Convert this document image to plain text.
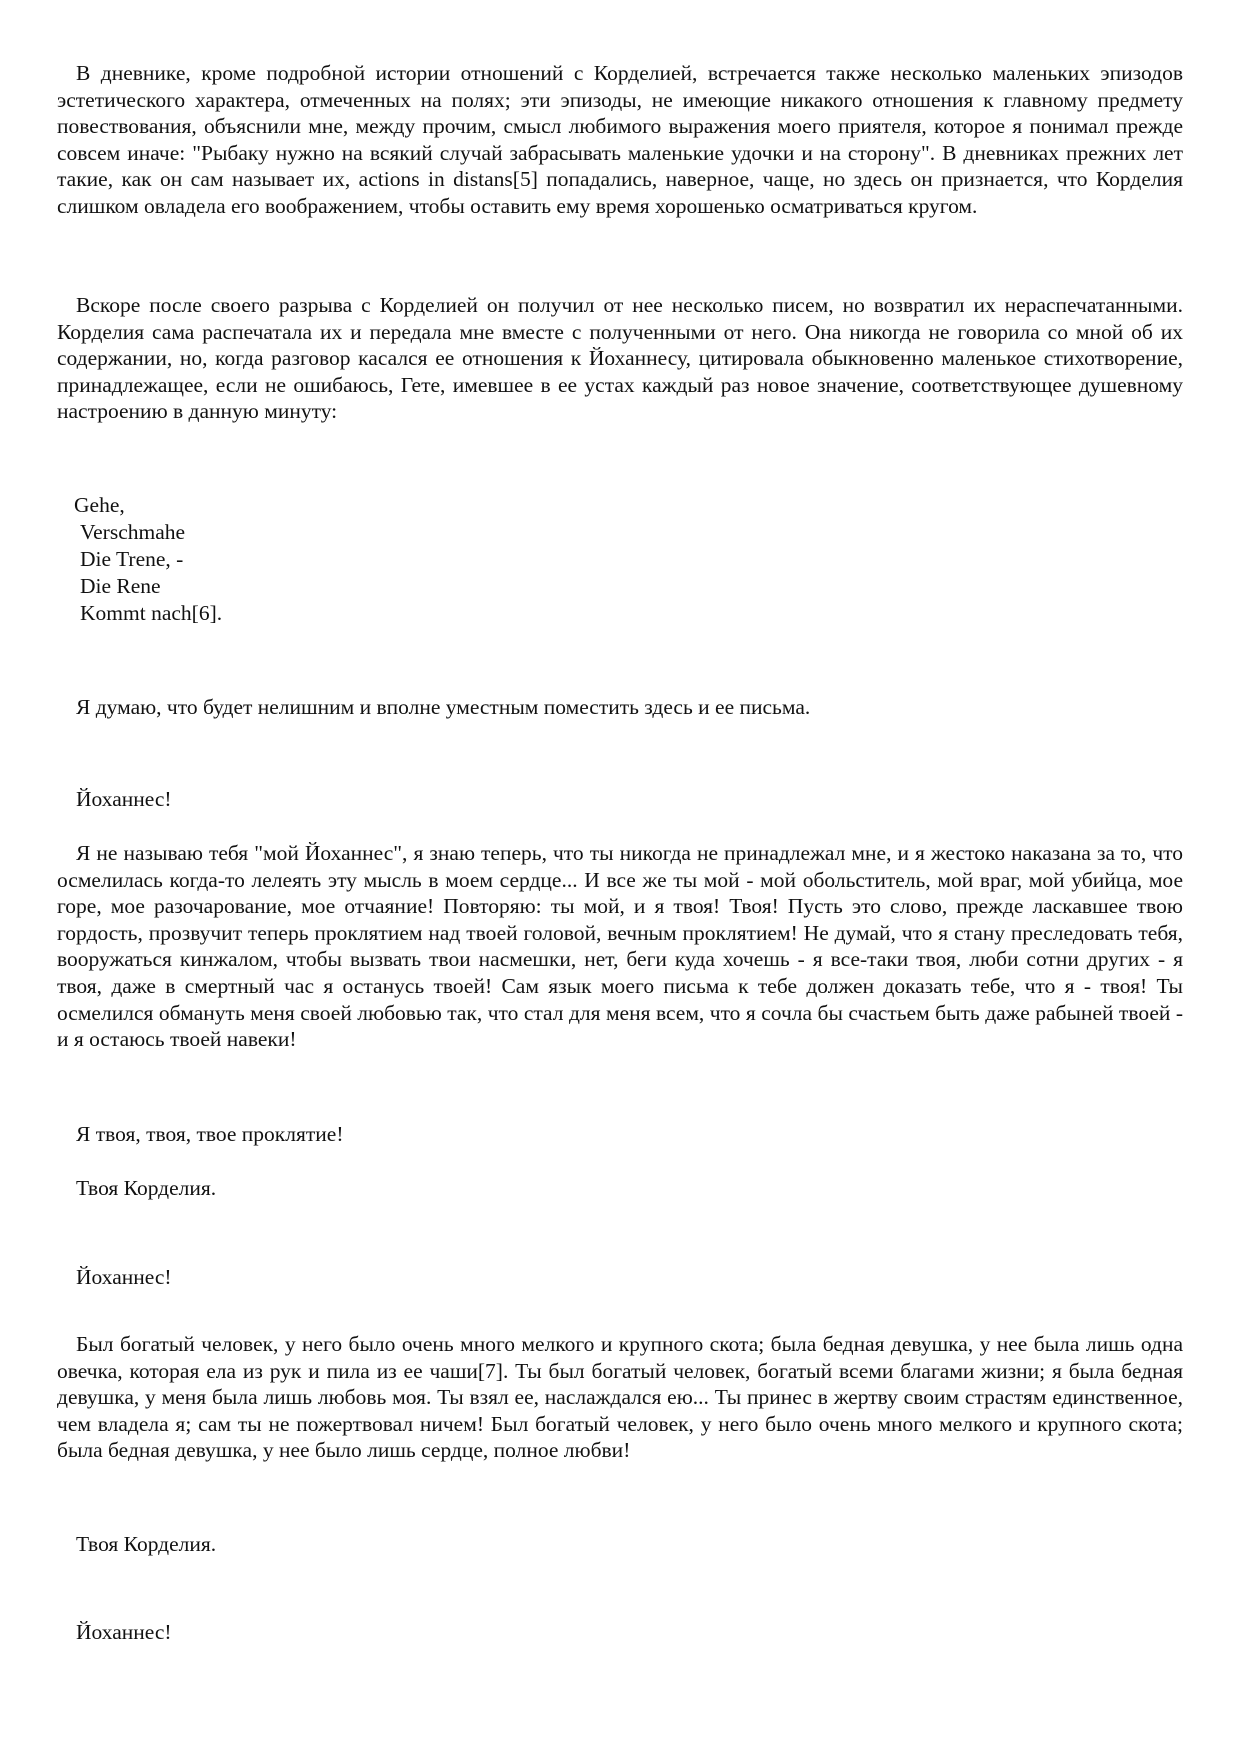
В дневнике, кроме подробной истории отношений с Корделией, встречается также несколько маленьких эпизодов эстетического характера, отмеченных на полях; эти эпизоды, не имеющие никакого отношения к главному предмету повествования, объяснили мне, между прочим, смысл любимого выражения моего приятеля, которое я понимал прежде совсем иначе: "Рыбаку нужно на всякий случай забрасывать маленькие удочки и на сторону". В дневниках прежних лет такие, как он сам называет их, actions in distans[5] попадались, наверное, чаще, но здесь он признается, что Корделия слишком овладела его воображением, чтобы оставить ему время хорошенько осматриваться кругом.

Вскоре после своего разрыва с Корделией он получил от нее несколько писем, но возвратил их нераспечатанными. Корделия сама распечатала их и передала мне вместе с полученными от него. Она никогда не говорила со мной об их содержании, но, когда разговор касался ее отношения к Йоханнесу, цитировала обыкновенно маленькое стихотворение, принадлежащее, если не ошибаюсь, Гете, имевшее в ее устах каждый раз новое значение, соответствующее душевному настроению в данную минуту:

Gehe,
Verschmahe
Die Trene, -
Die Rene
Kommt nach[6].

Я думаю, что будет нелишним и вполне уместным поместить здесь и ее письма.

Йоханнес!

Я не называю тебя "мой Йоханнес", я знаю теперь, что ты никогда не принадлежал мне, и я жестоко наказана за то, что осмелилась когда-то лелеять эту мысль в моем сердце... И все же ты мой - мой обольститель, мой враг, мой убийца, мое горе, мое разочарование, мое отчаяние! Повторяю: ты мой, и я твоя! Твоя! Пусть это слово, прежде ласкавшее твою гордость, прозвучит теперь проклятием над твоей головой, вечным проклятием! Не думай, что я стану преследовать тебя, вооружаться кинжалом, чтобы вызвать твои насмешки, нет, беги куда хочешь - я все-таки твоя, люби сотни других - я твоя, даже в смертный час я останусь твоей! Сам язык моего письма к тебе должен доказать тебе, что я - твоя! Ты осмелился обмануть меня своей любовью так, что стал для меня всем, что я сочла бы счастьем быть даже рабыней твоей - и я остаюсь твоей навеки!

Я твоя, твоя, твое проклятие!

Твоя Корделия.

Йоханнес!

Был богатый человек, у него было очень много мелкого и крупного скота; была бедная девушка, у нее была лишь одна овечка, которая ела из рук и пила из ее чаши[7]. Ты был богатый человек, богатый всеми благами жизни; я была бедная девушка, у меня была лишь любовь моя. Ты взял ее, наслаждался ею... Ты принес в жертву своим страстям единственное, чем владела я; сам ты не пожертвовал ничем! Был богатый человек, у него было очень много мелкого и крупного скота; была бедная девушка, у нее было лишь сердце, полное любви!

Твоя Корделия.

Йоханнес!
